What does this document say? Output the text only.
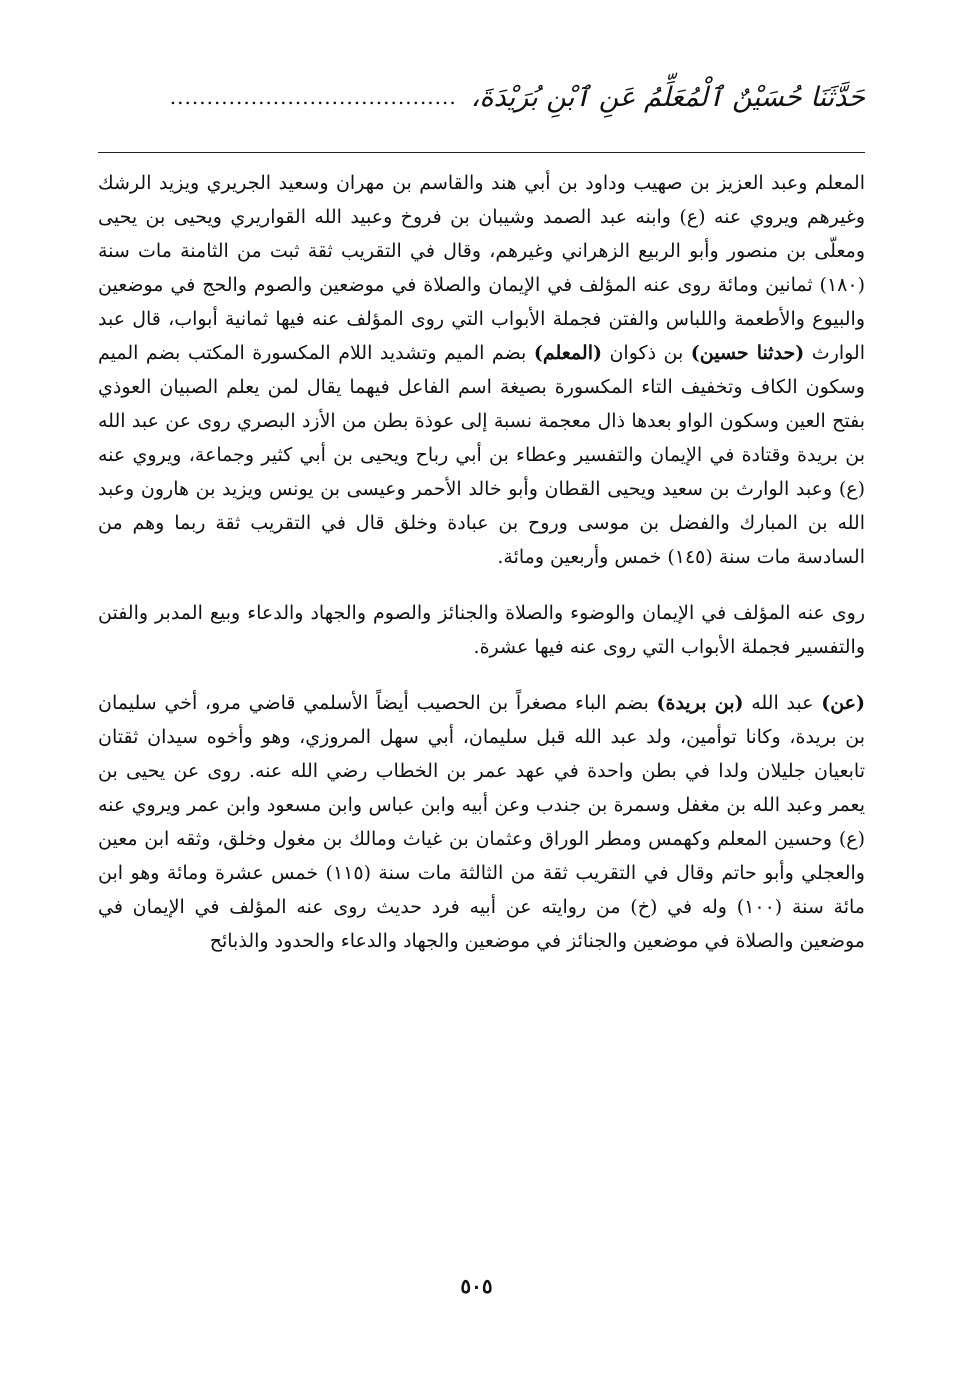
حَدَّثَنَا حُسَيْنٌ ٱلْمُعَلِّمُ عَنِ ٱبْنِ بُرَيْدَةَ،
.......................................

المعلم وعبد العزيز بن صهيب وداود بن أبي هند والقاسم بن مهران وسعيد الجريري ويزيد الرشك وغيرهم ويروي عنه (ع) وابنه عبد الصمد وشيبان بن فروخ وعبيد الله القواريري ويحيى بن يحيى ومعلّى بن منصور وأبو الربيع الزهراني وغيرهم، وقال في التقريب ثقة ثبت من الثامنة مات سنة (١٨٠) ثمانين ومائة روى عنه المؤلف في الإيمان والصلاة في موضعين والصوم والحج في موضعين والبيوع والأطعمة واللباس والفتن فجملة الأبواب التي روى المؤلف عنه فيها ثمانية أبواب، قال عبد الوارث (حدثنا حسين) بن ذكوان (المعلم) بضم الميم وتشديد اللام المكسورة المكتب بضم الميم وسكون الكاف وتخفيف التاء المكسورة بصيغة اسم الفاعل فيهما يقال لمن يعلم الصبيان العوذي بفتح العين وسكون الواو بعدها ذال معجمة نسبة إلى عوذة بطن من الأزد البصري روى عن عبد الله بن بريدة وقتادة في الإيمان والتفسير وعطاء بن أبي رباح ويحيى بن أبي كثير وجماعة، ويروي عنه (ع) وعبد الوارث بن سعيد ويحيى القطان وأبو خالد الأحمر وعيسى بن يونس ويزيد بن هارون وعبد الله بن المبارك والفضل بن موسى وروح بن عبادة وخلق قال في التقريب ثقة ربما وهم من السادسة مات سنة (١٤٥) خمس وأربعين ومائة.

روى عنه المؤلف في الإيمان والوضوء والصلاة والجنائز والصوم والجهاد والدعاء وبيع المدبر والفتن والتفسير فجملة الأبواب التي روى عنه فيها عشرة.

(عن) عبد الله (بن بريدة) بضم الباء مصغراً بن الحصيب أيضاً الأسلمي قاضي مرو، أخي سليمان بن بريدة، وكانا توأمين، ولد عبد الله قبل سليمان، أبي سهل المروزي، وهو وأخوه سيدان ثقتان تابعيان جليلان ولدا في بطن واحدة في عهد عمر بن الخطاب رضي الله عنه. روى عن يحيى بن يعمر وعبد الله بن مغفل وسمرة بن جندب وعن أبيه وابن عباس وابن مسعود وابن عمر ويروي عنه (ع) وحسين المعلم وكهمس ومطر الوراق وعثمان بن غياث ومالك بن مغول وخلق، وثقه ابن معين والعجلي وأبو حاتم وقال في التقريب ثقة من الثالثة مات سنة (١١٥) خمس عشرة ومائة وهو ابن مائة سنة (١٠٠) وله في (خ) من روايته عن أبيه فرد حديث روى عنه المؤلف في الإيمان في موضعين والصلاة في موضعين والجنائز في موضعين والجهاد والدعاء والحدود والذبائح

٥٠٥
